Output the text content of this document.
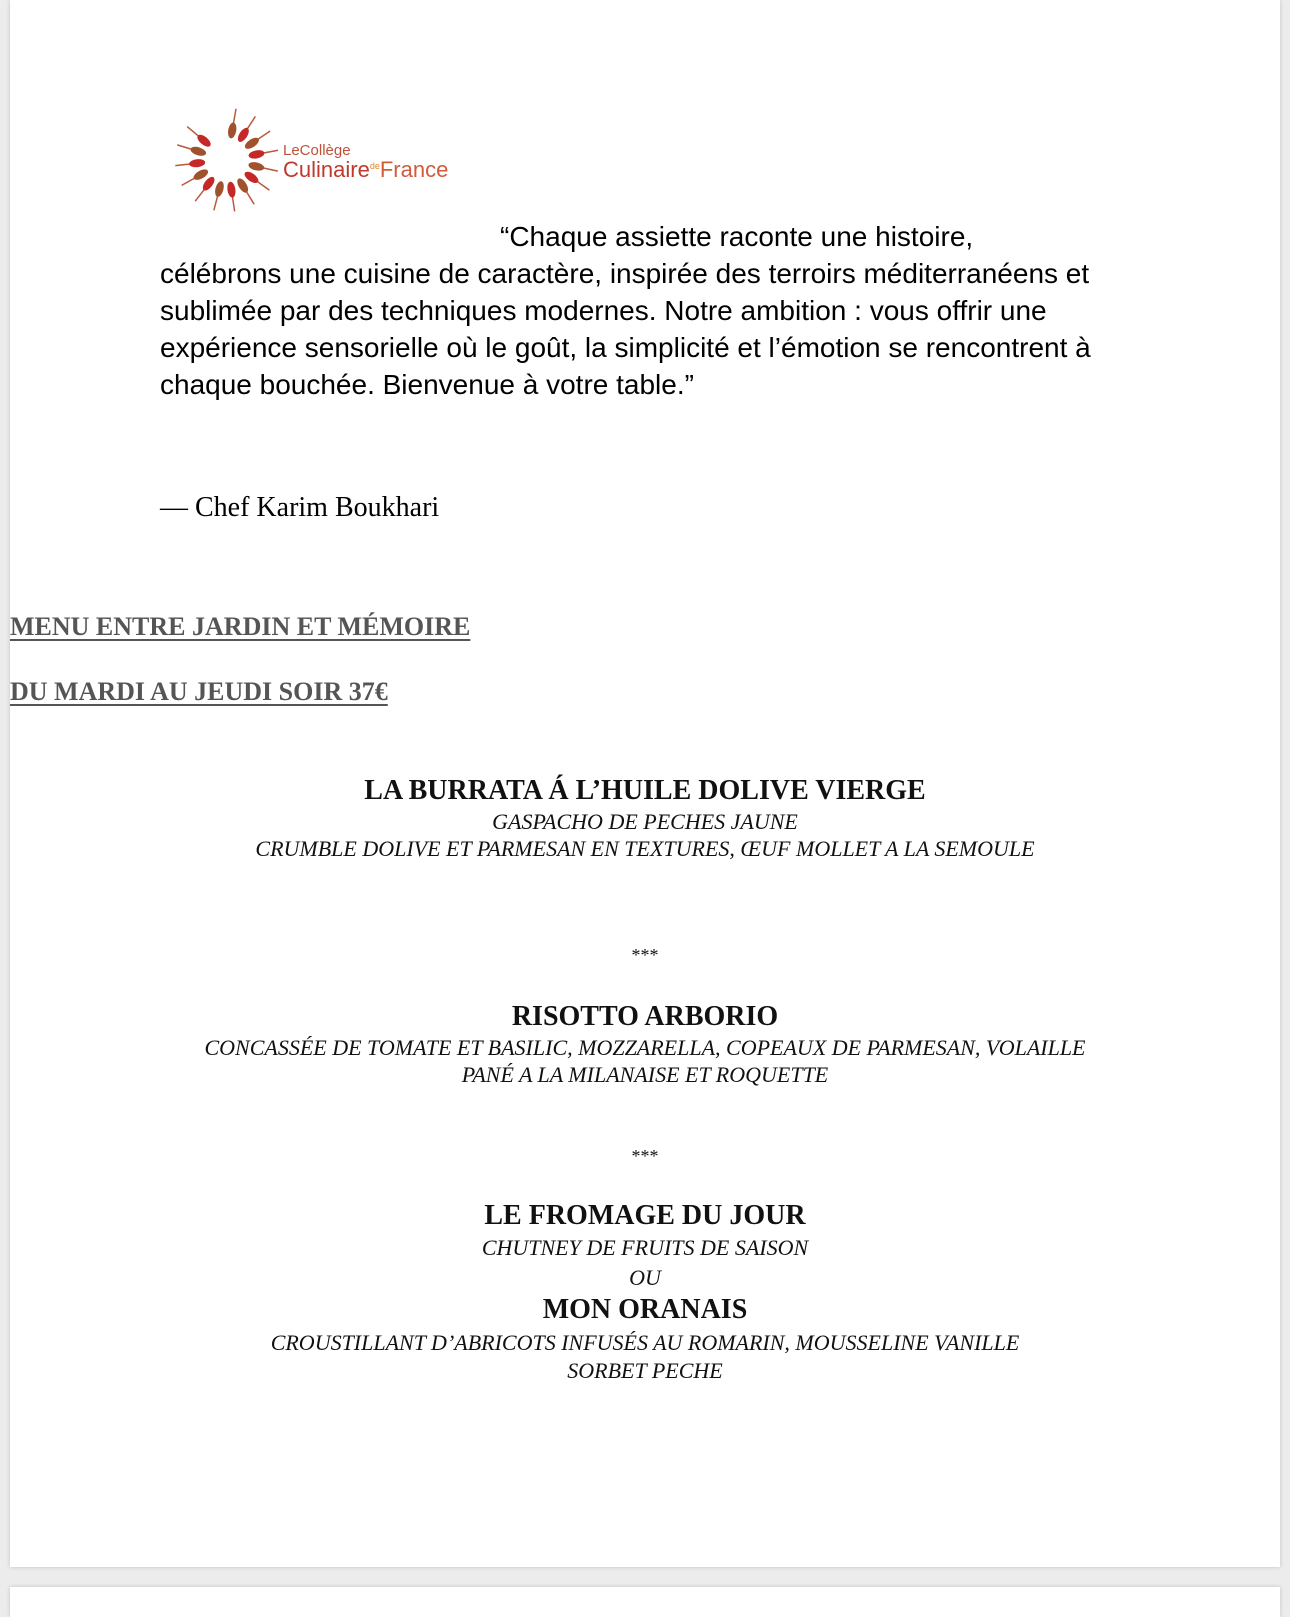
LeCollège
Culinaire$^{de}$France
“Chaque assiette raconte une histoire,
célébrons une cuisine de caractère, inspirée des terroirs méditerranéens et sublimée par des techniques modernes. Notre ambition : vous offrir une expérience sensorielle où le goût, la simplicité et l’émotion se rencontrent à chaque bouchée. Bienvenue à votre table.”
— Chef Karim Boukhari
MENU ENTRE JARDIN ET MÉMOIRE
DU MARDI AU JEUDI SOIR 37€
LA BURRATA Á L’HUILE DOLIVE VIERGE
GASPACHO DE PECHES JAUNE
CRUMBLE DOLIVE ET PARMESAN EN TEXTURES, ŒUF MOLLET A LA SEMOULE
***
RISOTTO ARBORIO
CONCASSÉE DE TOMATE ET BASILIC, MOZZARELLA, COPEAUX DE PARMESAN, VOLAILLE
PANÉ A LA MILANAISE ET ROQUETTE
***
LE FROMAGE DU JOUR
CHUTNEY DE FRUITS DE SAISON
OU
MON ORANAIS
CROUSTILLANT D’ABRICOTS INFUSÉS AU ROMARIN, MOUSSELINE VANILLE
SORBET PECHE
